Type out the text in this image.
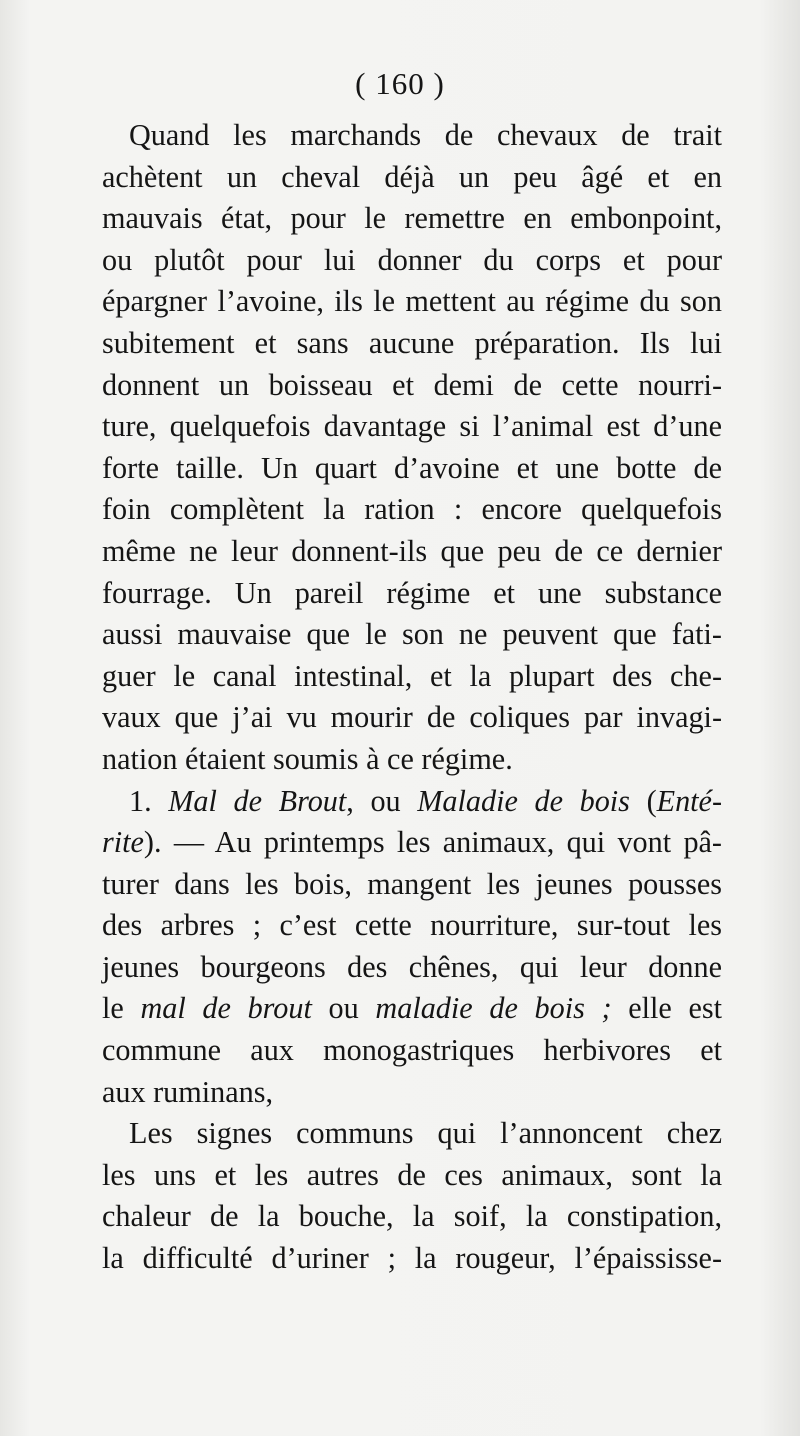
( 160 )
Quand les marchands de chevaux de trait
achètent un cheval déjà un peu âgé et en
mauvais état, pour le remettre en embonpoint,
ou plutôt pour lui donner du corps et pour
épargner l’avoine, ils le mettent au régime du son
subitement et sans aucune préparation. Ils lui
donnent un boisseau et demi de cette nourri-
ture, quelquefois davantage si l’animal est d’une
forte taille. Un quart d’avoine et une botte de
foin complètent la ration : encore quelquefois
même ne leur donnent-ils que peu de ce dernier
fourrage. Un pareil régime et une substance
aussi mauvaise que le son ne peuvent que fati-
guer le canal intestinal, et la plupart des che-
vaux que j’ai vu mourir de coliques par invagi-
nation étaient soumis à ce régime.
1. Mal de Brout, ou Maladie de bois (Enté-
rite). — Au printemps les animaux, qui vont pâ-
turer dans les bois, mangent les jeunes pousses
des arbres ; c’est cette nourriture, sur-tout les
jeunes bourgeons des chênes, qui leur donne
le mal de brout ou maladie de bois ; elle est
commune aux monogastriques herbivores et
aux ruminans,
Les signes communs qui l’annoncent chez
les uns et les autres de ces animaux, sont la
chaleur de la bouche, la soif, la constipation,
la difficulté d’uriner ; la rougeur, l’épaississe-
